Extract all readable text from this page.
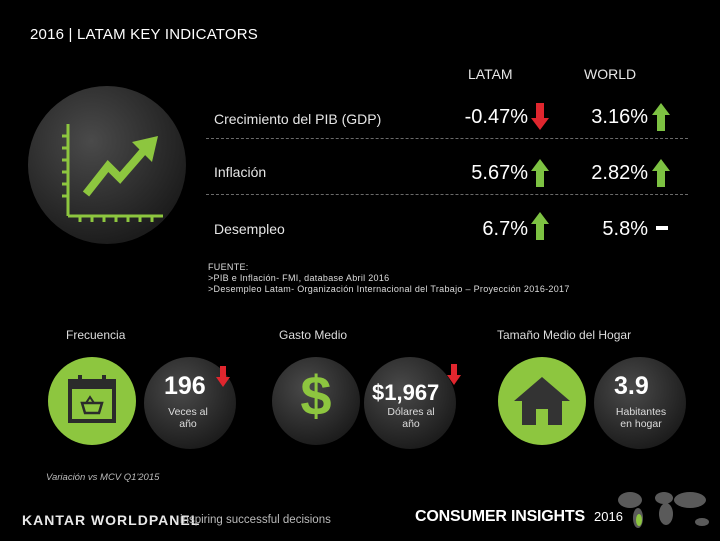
2016 | LATAM KEY INDICATORS
LATAM	WORLD
Crecimiento del PIB (GDP)	-0.47%	3.16%
Inflación	5.67%	2.82%
Desempleo	6.7%	5.8%
FUENTE:
>PIB e Inflación- FMI, database Abril 2016
>Desempleo Latam- Organización Internacional del Trabajo – Proyección 2016-2017
Frecuencia	Gasto Medio	Tamaño Medio del Hogar
196
Veces al
año	$	$1,967
Dólares al
año
3.9
Habitantes
en hogar
Variación vs MCV Q1'2015
KANTAR WORLDPANEL
inspiring successful decisions	CONSUMER INSIGHTS 2016
